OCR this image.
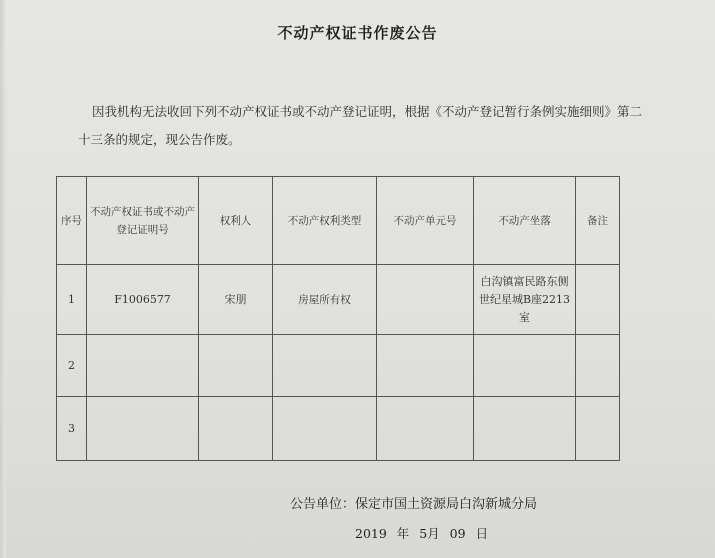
不动产权证书作废公告
因我机构无法收回下列不动产权证书或不动产登记证明，根据《不动产登记暂行条例实施细则》第二十三条的规定，现公告作废。
序号	不动产权证书或不动产登记证明号	权利人	不动产权利类型	不动产单元号	不动产坐落	备注
1	F1006577	宋朋	房屋所有权		白沟镇富民路东侧世纪星城B座2213室	
2						
3						
公告单位：保定市国土资源局白沟新城分局
2019 年 5月 09 日
